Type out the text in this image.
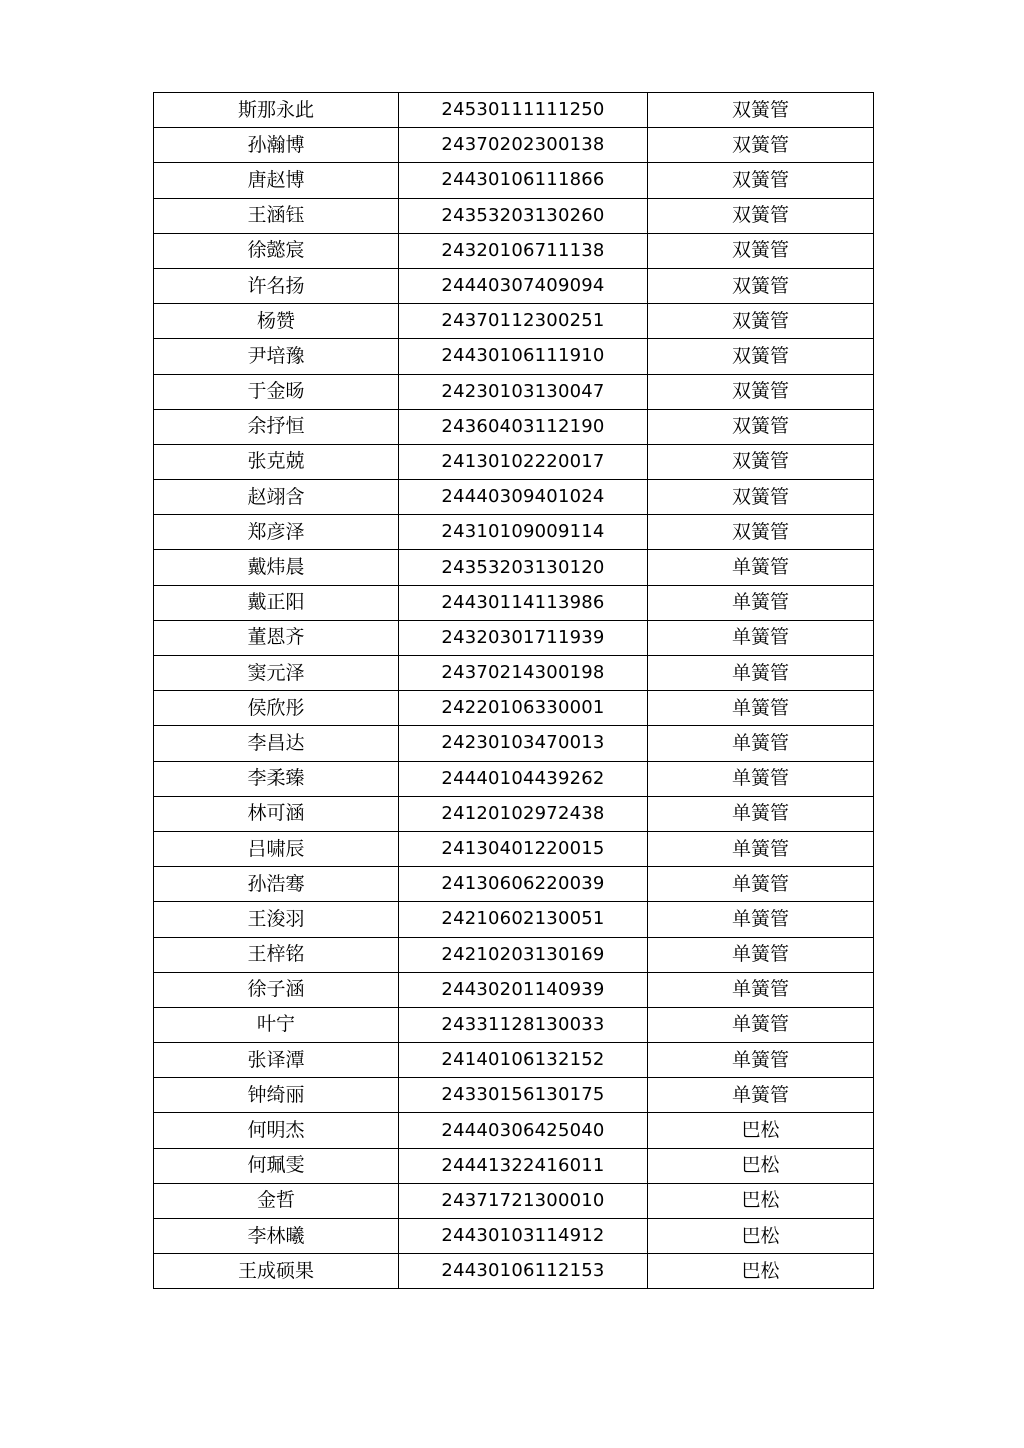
斯那永此	24530111111250	双簧管
孙瀚博	24370202300138	双簧管
唐赵博	24430106111866	双簧管
王涵钰	24353203130260	双簧管
徐懿宸	24320106711138	双簧管
许名扬	24440307409094	双簧管
杨赞	24370112300251	双簧管
尹培豫	24430106111910	双簧管
于金旸	24230103130047	双簧管
余抒恒	24360403112190	双簧管
张克兢	24130102220017	双簧管
赵翊含	24440309401024	双簧管
郑彦泽	24310109009114	双簧管
戴炜晨	24353203130120	单簧管
戴正阳	24430114113986	单簧管
董恩齐	24320301711939	单簧管
窦元泽	24370214300198	单簧管
侯欣彤	24220106330001	单簧管
李昌达	24230103470013	单簧管
李柔臻	24440104439262	单簧管
林可涵	24120102972438	单簧管
吕啸辰	24130401220015	单簧管
孙浩骞	24130606220039	单簧管
王浚羽	24210602130051	单簧管
王梓铭	24210203130169	单簧管
徐子涵	24430201140939	单簧管
叶宁	24331128130033	单簧管
张译潭	24140106132152	单簧管
钟绮丽	24330156130175	单簧管
何明杰	24440306425040	巴松
何珮雯	24441322416011	巴松
金哲	24371721300010	巴松
李林曦	24430103114912	巴松
王成硕果	24430106112153	巴松
